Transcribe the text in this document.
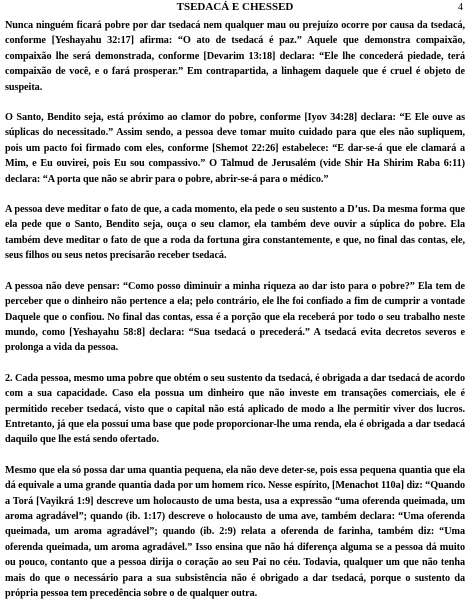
TSEDACÁ E CHESSED	4

Nunca ninguém ficará pobre por dar tsedacá nem qualquer mau ou prejuízo ocorre por causa da tsedacá, conforme [Yeshayahu 32:17] afirma: “O ato de tsedacá é paz.” Aquele que demonstra compaixão, compaixão lhe será demonstrada, conforme [Devarim 13:18] declara: “Ele lhe concederá piedade, terá compaixão de você, e o fará prosperar.” Em contrapartida, a linhagem daquele que é cruel é objeto de suspeita.

O Santo, Bendito seja, está próximo ao clamor do pobre, conforme [Iyov 34:28] declara: “E Ele ouve as súplicas do necessitado.” Assim sendo, a pessoa deve tomar muito cuidado para que eles não supliquem, pois um pacto foi firmado com eles, conforme [Shemot 22:26] estabelece: “E dar-se-á que ele clamará a Mim, e Eu ouvirei, pois Eu sou compassivo.” O Talmud de Jerusalém (vide Shir Ha Shirim Raba 6:11) declara: “A porta que não se abrir para o pobre, abrir-se-á para o médico.”

A pessoa deve meditar o fato de que, a cada momento, ela pede o seu sustento a D’us. Da mesma forma que ela pede que o Santo, Bendito seja, ouça o seu clamor, ela também deve ouvir a súplica do pobre. Ela também deve meditar o fato de que a roda da fortuna gira constantemente, e que, no final das contas, ele, seus filhos ou seus netos precisarão receber tsedacá.

A pessoa não deve pensar: “Como posso diminuir a minha riqueza ao dar isto para o pobre?” Ela tem de perceber que o dinheiro não pertence a ela; pelo contrário, ele lhe foi confiado a fim de cumprir a vontade Daquele que o confiou. No final das contas, essa é a porção que ela receberá por todo o seu trabalho neste mundo, como [Yeshayahu 58:8] declara: “Sua tsedacá o precederá.” A tsedacá evita decretos severos e prolonga a vida da pessoa.

2. Cada pessoa, mesmo uma pobre que obtém o seu sustento da tsedacá, é obrigada a dar tsedacá de acordo com a sua capacidade. Caso ela possua um dinheiro que não investe em transações comerciais, ele é permitido receber tsedacá, visto que o capital não está aplicado de modo a lhe permitir viver dos lucros. Entretanto, já que ela possui uma base que pode proporcionar-lhe uma renda, ela é obrigada a dar tsedacá daquilo que lhe está sendo ofertado.

Mesmo que ela só possa dar uma quantia pequena, ela não deve deter-se, pois essa pequena quantia que ela dá equivale a uma grande quantia dada por um homem rico. Nesse espírito, [Menachot 110a] diz: “Quando a Torá [Vayikrá 1:9] descreve um holocausto de uma besta, usa a expressão “uma oferenda queimada, um aroma agradável”; quando (ib. 1:17) descreve o holocausto de uma ave, também declara: “Uma oferenda queimada, um aroma agradável”; quando (ib. 2:9) relata a oferenda de farinha, também diz: “Uma oferenda queimada, um aroma agradável.” Isso ensina que não há diferença alguma se a pessoa dá muito ou pouco, contanto que a pessoa dirija o coração ao seu Pai no céu. Todavia, qualquer um que não tenha mais do que o necessário para a sua subsistência não é obrigado a dar tsedacá, porque o sustento da própria pessoa tem precedência sobre o de qualquer outra.
